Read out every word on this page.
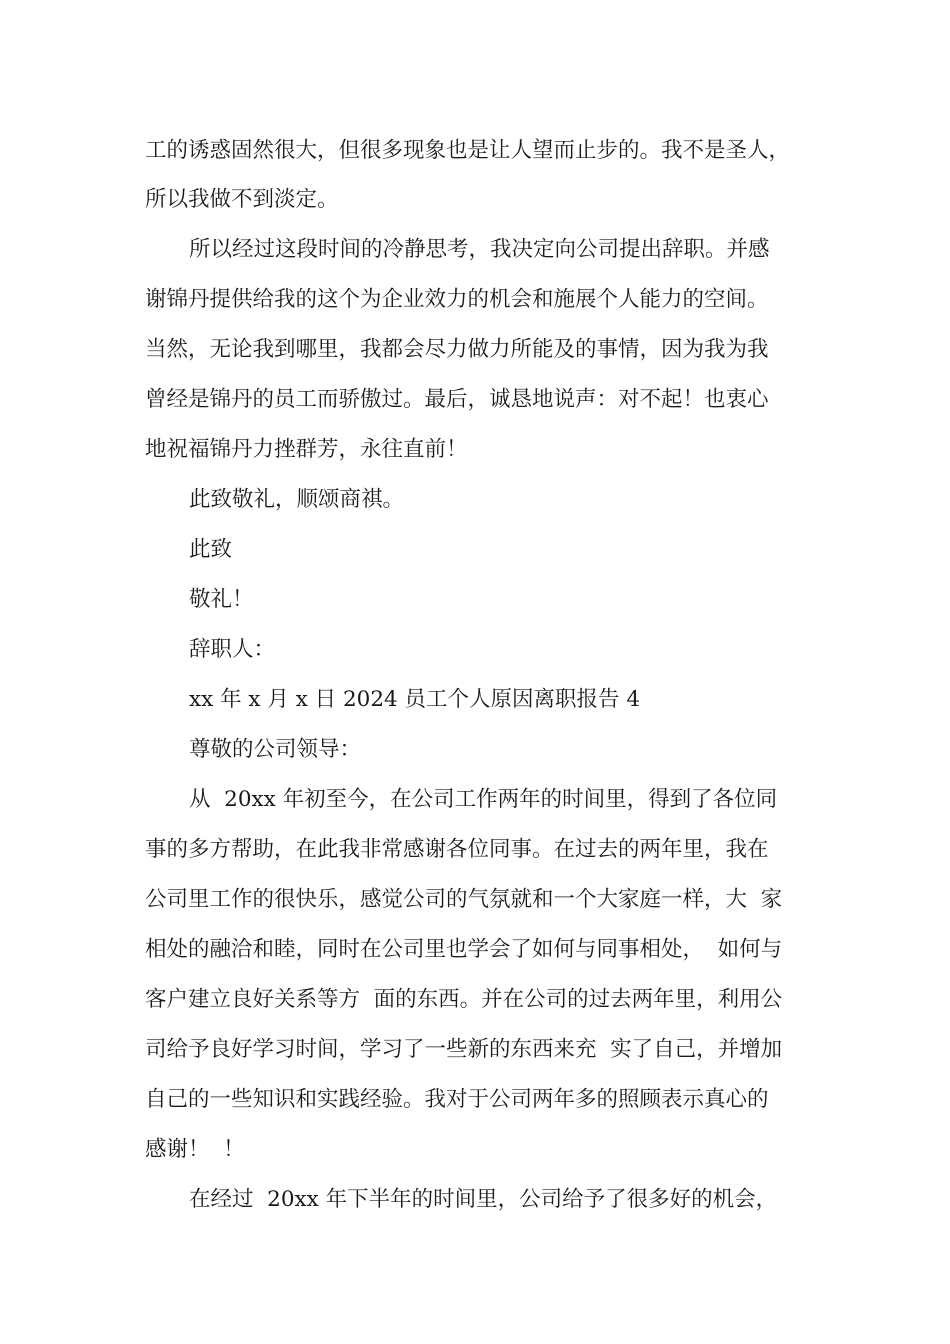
工的诱惑固然很大，但很多现象也是让人望而止步的。我不是圣人，
所以我做不到淡定。
所以经过这段时间的冷静思考，我决定向公司提出辞职。并感
谢锦丹提供给我的这个为企业效力的机会和施展个人能力的空间。
当然，无论我到哪里，我都会尽力做力所能及的事情，因为我为我
曾经是锦丹的员工而骄傲过。最后，诚恳地说声：对不起！也衷心
地祝福锦丹力挫群芳，永往直前！
此致敬礼，顺颂商祺。
此致
敬礼！
辞职人：
xx 年 x 月 x 日 2024 员工个人原因离职报告 4
尊敬的公司领导：
从  20xx 年初至今，在公司工作两年的时间里，得到了各位同
事的多方帮助，在此我非常感谢各位同事。在过去的两年里，我在
公司里工作的很快乐，感觉公司的气氛就和一个大家庭一样，大  家
相处的融洽和睦，同时在公司里也学会了如何与同事相处，  如何与
客户建立良好关系等方  面的东西。并在公司的过去两年里，利用公
司给予良好学习时间，学习了一些新的东西来充  实了自己，并增加
自己的一些知识和实践经验。我对于公司两年多的照顾表示真心的
感谢！  ！
在经过  20xx 年下半年的时间里，公司给予了很多好的机会，
